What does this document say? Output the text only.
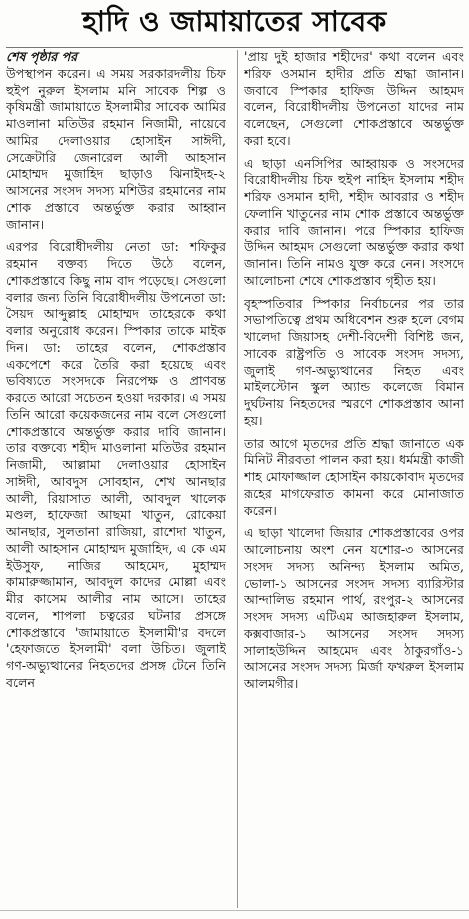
হাদি ও জামায়াতের সাবেক

শেষ পৃষ্ঠার পর

উপস্থাপন করেন। এ সময় সরকারদলীয় চিফ হুইপ নুরুল ইসলাম মনি সাবেক শিল্প ও কৃষিমন্ত্রী জামায়াতে ইসলামীর সাবেক আমির মাওলানা মতিউর রহমান নিজামী, নায়েবে আমির দেলাওয়ার হোসাইন সাঈদী, সেক্রেটারি জেনারেল আলী আহসান মোহাম্মদ মুজাহিদ ছাড়াও ঝিনাইদহ-২ আসনের সংসদ সদস্য মশিউর রহমানের নাম শোক প্রস্তাবে অন্তর্ভুক্ত করার আহ্বান জানান।

এরপর বিরোধীদলীয় নেতা ডা: শফিকুর রহমান বক্তব্য দিতে উঠে বলেন, শোকপ্রস্তাবে কিছু নাম বাদ পড়েছে। সেগুলো বলার জন্য তিনি বিরোধীদলীয় উপনেতা ডা: সৈয়দ আব্দুল্লাহ মোহাম্মদ তাহেরকে কথা বলার অনুরোধ করেন। স্পিকার তাকে মাইক দিন। ডা: তাহের বলেন, শোকপ্রস্তাব একপেশে করে তৈরি করা হয়েছে এবং ভবিষ্যতে সংসদকে নিরপেক্ষ ও প্রাণবন্ত করতে আরো সচেতন হওয়া দরকার। এ সময় তিনি আরো কয়েকজনের নাম বলে সেগুলো শোকপ্রস্তাবে অন্তর্ভুক্ত করার দাবি জানান। তার বক্তব্যে শহীদ মাওলানা মতিউর রহমান নিজামী, আল্লামা দেলাওয়ার হোসাইন সাঈদী, আবদুস সোবহান, শেখ আনছার আলী, রিয়াসাত আলী, আবদুল খালেক মণ্ডল, হাফেজা আছমা খাতুন, রোকেয়া আনছার, সুলতানা রাজিয়া, রাশেদা খাতুন, আলী আহসান মোহাম্মদ মুজাহিদ, এ কে এম ইউসুফ, নাজির আহমেদ, মুহাম্মদ কামারুজ্জামান, আবদুল কাদের মোল্লা এবং মীর কাসেম আলীর নাম আসে। তাহের বলেন, শাপলা চত্বরের ঘটনার প্রসঙ্গে শোকপ্রস্তাবে 'জামায়াতে ইসলামী'র বদলে 'হেফাজতে ইসলামী' বলা উচিত। জুলাই গণ-অভ্যুত্থানের নিহতদের প্রসঙ্গ টেনে তিনি বলেন

'প্রায় দুই হাজার শহীদের' কথা বলেন এবং শরিফ ওসমান হাদীর প্রতি শ্রদ্ধা জানান। জবাবে স্পিকার হাফিজ উদ্দিন আহমদ বলেন, বিরোধীদলীয় উপনেতা যাদের নাম বলেছেন, সেগুলো শোকপ্রস্তাবে অন্তর্ভুক্ত করা হবে।

এ ছাড়া এনসিপির আহ্বায়ক ও সংসদের বিরোধীদলীয় চিফ হুইপ নাহিদ ইসলাম শহীদ শরিফ ওসমান হাদী, শহীদ আবরার ও শহীদ ফেলানি খাতুনের নাম শোক প্রস্তাবে অন্তর্ভুক্ত করার দাবি জানান। পরে স্পিকার হাফিজ উদ্দিন আহমদ সেগুলো অন্তর্ভুক্ত করার কথা জানান। তিনি নামও যুক্ত করে নেন। সংসদে আলোচনা শেষে শোকপ্রস্তাব গৃহীত হয়।

বৃহস্পতিবার স্পিকার নির্বাচনের পর তার সভাপতিত্বে প্রথম অধিবেশন শুরু হলে বেগম খালেদা জিয়াসহ দেশী-বিদেশী বিশিষ্ট জন, সাবেক রাষ্ট্রপতি ও সাবেক সংসদ সদস্য, জুলাই গণ-অভ্যুত্থানের নিহত এবং মাইলস্টোন স্কুল অ্যান্ড কলেজে বিমান দুর্ঘটনায় নিহতদের স্মরণে শোকপ্রস্তাব আনা হয়।

তার আগে মৃতদের প্রতি শ্রদ্ধা জানাতে এক মিনিট নীরবতা পালন করা হয়। ধর্মমন্ত্রী কাজী শাহ মোফাজ্জাল হোসাইন কায়কোবাদ মৃতদের রূহের মাগফেরাত কামনা করে মোনাজাত করেন।

এ ছাড়া খালেদা জিয়ার শোকপ্রস্তাবের ওপর আলোচনায় অংশ নেন যশোর-৩ আসনের সংসদ সদস্য অনিন্দ্য ইসলাম অমিত, ভোলা-১ আসনের সংসদ সদস্য ব্যারিস্টার আন্দালিভ রহমান পার্থ, রংপুর-২ আসনের সংসদ সদস্য এটিএম আজহারুল ইসলাম, কক্সবাজার-১ আসনের সংসদ সদস্য সালাহউদ্দিন আহমেদ এবং ঠাকুরগাঁও-১ আসনের সংসদ সদস্য মির্জা ফখরুল ইসলাম আলমগীর।
